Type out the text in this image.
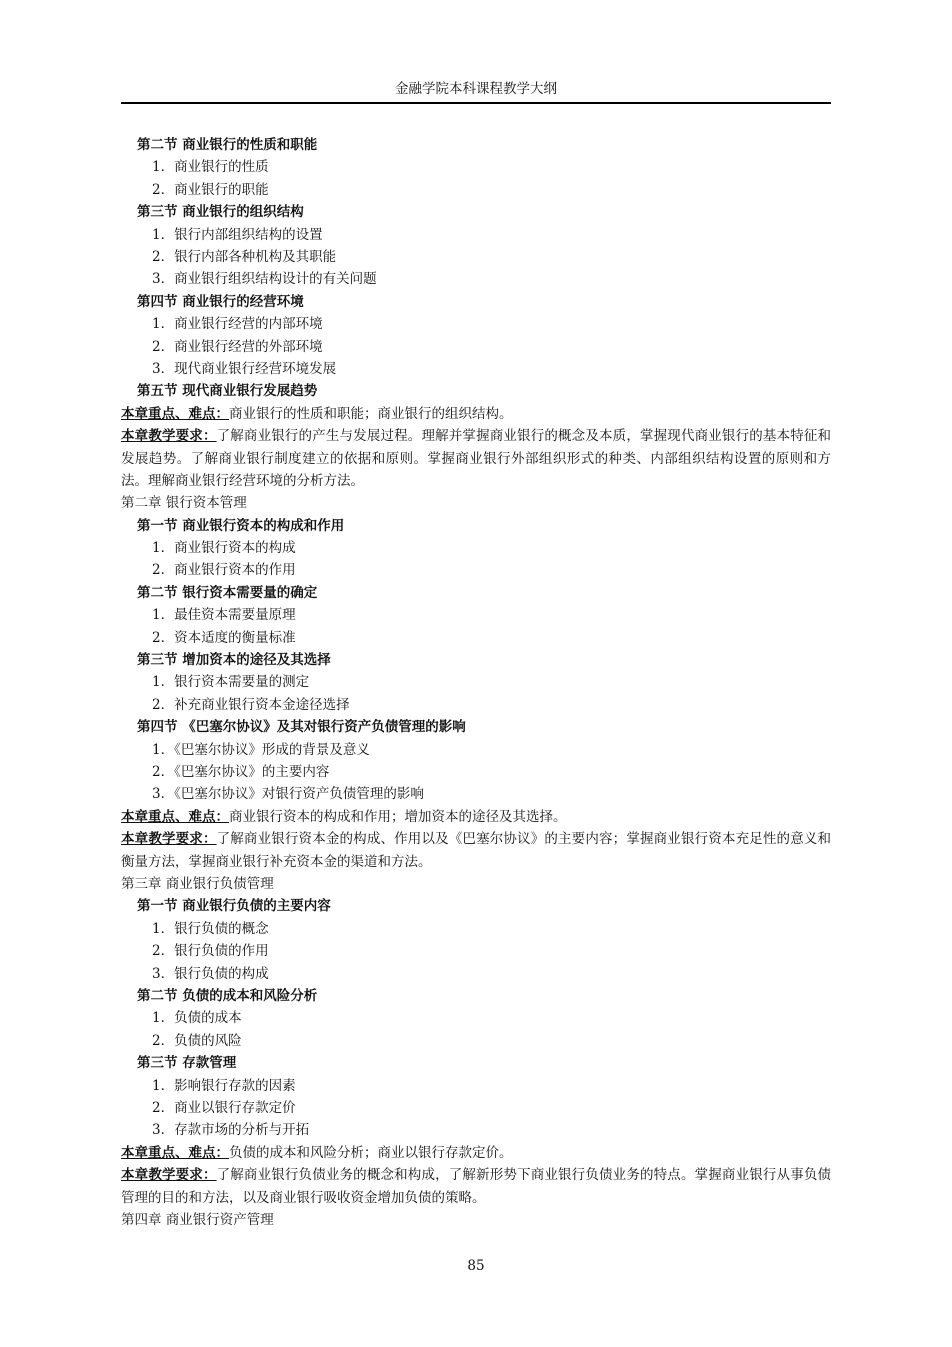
金融学院本科课程教学大纲
第二节 商业银行的性质和职能
1．商业银行的性质
2．商业银行的职能
第三节 商业银行的组织结构
1．银行内部组织结构的设置
2．银行内部各种机构及其职能
3．商业银行组织结构设计的有关问题
第四节 商业银行的经营环境
1．商业银行经营的内部环境
2．商业银行经营的外部环境
3．现代商业银行经营环境发展
第五节 现代商业银行发展趋势
本章重点、难点：商业银行的性质和职能；商业银行的组织结构。
本章教学要求：了解商业银行的产生与发展过程。理解并掌握商业银行的概念及本质，掌握现代商业银行的基本特征和发展趋势。了解商业银行制度建立的依据和原则。掌握商业银行外部组织形式的种类、内部组织结构设置的原则和方法。理解商业银行经营环境的分析方法。
第二章 银行资本管理
第一节 商业银行资本的构成和作用
1．商业银行资本的构成
2．商业银行资本的作用
第二节 银行资本需要量的确定
1．最佳资本需要量原理
2．资本适度的衡量标准
第三节 增加资本的途径及其选择
1．银行资本需要量的测定
2．补充商业银行资本金途径选择
第四节 《巴塞尔协议》及其对银行资产负债管理的影响
1．《巴塞尔协议》形成的背景及意义
2．《巴塞尔协议》的主要内容
3．《巴塞尔协议》对银行资产负债管理的影响
本章重点、难点：商业银行资本的构成和作用；增加资本的途径及其选择。
本章教学要求：了解商业银行资本金的构成、作用以及《巴塞尔协议》的主要内容；掌握商业银行资本充足性的意义和衡量方法，掌握商业银行补充资本金的渠道和方法。
第三章 商业银行负债管理
第一节 商业银行负债的主要内容
1．银行负债的概念
2．银行负债的作用
3．银行负债的构成
第二节 负债的成本和风险分析
1．负债的成本
2．负债的风险
第三节 存款管理
1．影响银行存款的因素
2．商业以银行存款定价
3．存款市场的分析与开拓
本章重点、难点：负债的成本和风险分析；商业以银行存款定价。
本章教学要求：了解商业银行负债业务的概念和构成，了解新形势下商业银行负债业务的特点。掌握商业银行从事负债管理的目的和方法，以及商业银行吸收资金增加负债的策略。
第四章 商业银行资产管理
85
